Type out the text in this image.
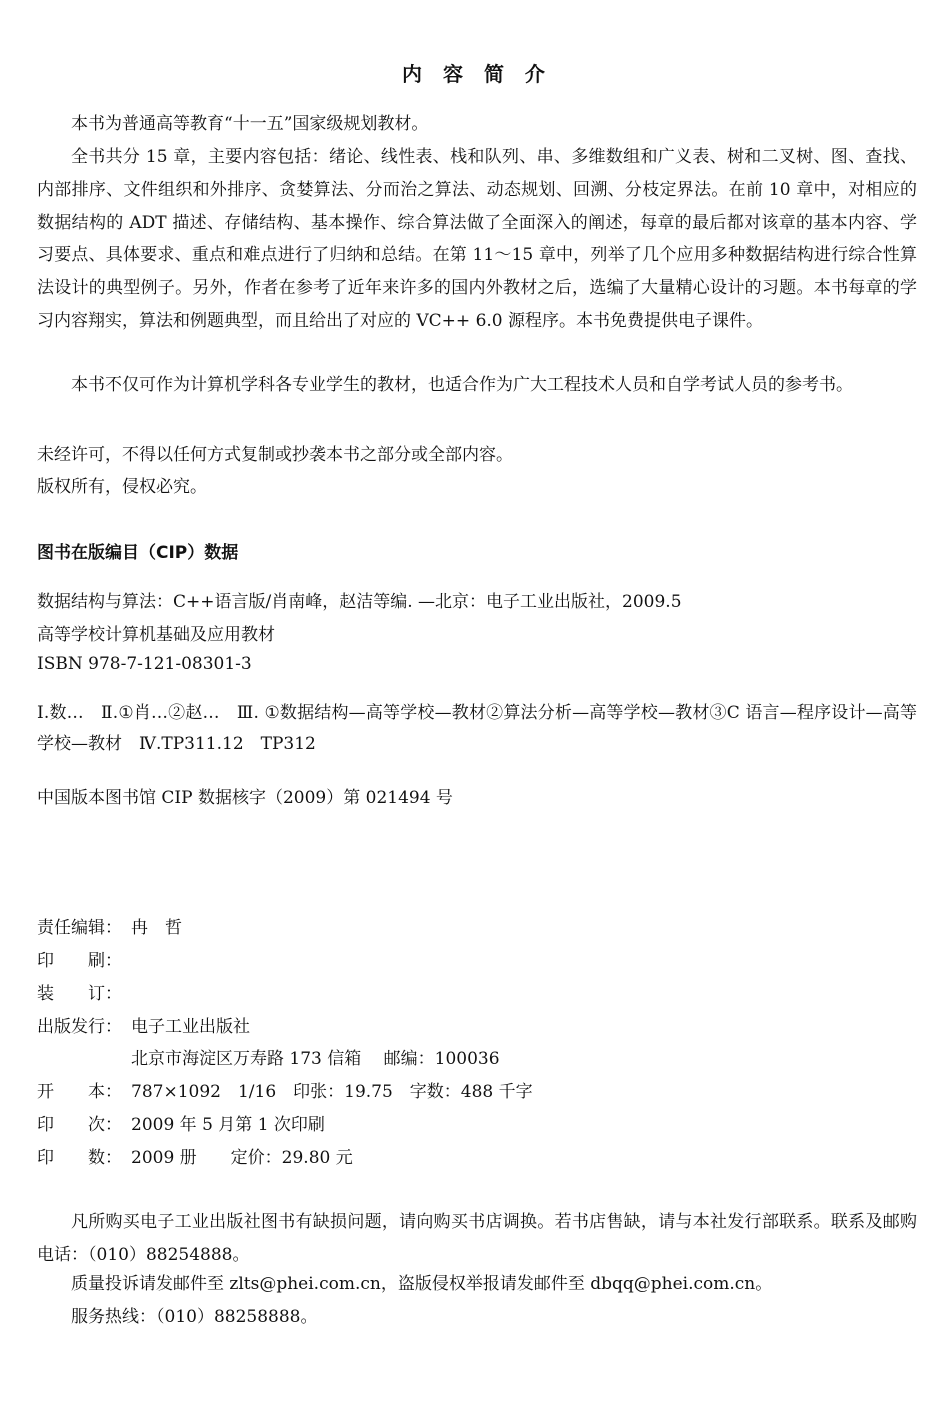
内 容 简 介

本书为普通高等教育“十一五”国家级规划教材。

全书共分 15 章，主要内容包括：绪论、线性表、栈和队列、串、多维数组和广义表、树和二叉树、图、查找、内部排序、文件组织和外排序、贪婪算法、分而治之算法、动态规划、回溯、分枝定界法。在前 10 章中，对相应的数据结构的 ADT 描述、存储结构、基本操作、综合算法做了全面深入的阐述，每章的最后都对该章的基本内容、学习要点、具体要求、重点和难点进行了归纳和总结。在第 11～15 章中，列举了几个应用多种数据结构进行综合性算法设计的典型例子。另外，作者在参考了近年来许多的国内外教材之后，选编了大量精心设计的习题。本书每章的学习内容翔实，算法和例题典型，而且给出了对应的 VC++ 6.0 源程序。本书免费提供电子课件。

本书不仅可作为计算机学科各专业学生的教材，也适合作为广大工程技术人员和自学考试人员的参考书。

未经许可，不得以任何方式复制或抄袭本书之部分或全部内容。

版权所有，侵权必究。

图书在版编目（CIP）数据

数据结构与算法：C++语言版/肖南峰，赵洁等编. —北京：电子工业出版社，2009.5

高等学校计算机基础及应用教材

ISBN 978-7-121-08301-3

Ⅰ.数…　Ⅱ.①肖…②赵…　Ⅲ. ①数据结构—高等学校—教材②算法分析—高等学校—教材③C 语言—程序设计—高等学校—教材　Ⅳ.TP311.12　TP312

中国版本图书馆 CIP 数据核字（2009）第 021494 号

责任编辑： 冉　哲
印　　刷：
装　　订：
出版发行： 电子工业出版社
北京市海淀区万寿路 173 信箱　 邮编：100036
开　　本： 787×1092　1/16　印张：19.75　字数：488 千字
印　　次： 2009 年 5 月第 1 次印刷
印　　数： 2009 册　　定价：29.80 元

凡所购买电子工业出版社图书有缺损问题，请向购买书店调换。若书店售缺，请与本社发行部联系。联系及邮购电话：（010）88254888。

质量投诉请发邮件至 zlts@phei.com.cn，盗版侵权举报请发邮件至 dbqq@phei.com.cn。

服务热线：（010）88258888。
